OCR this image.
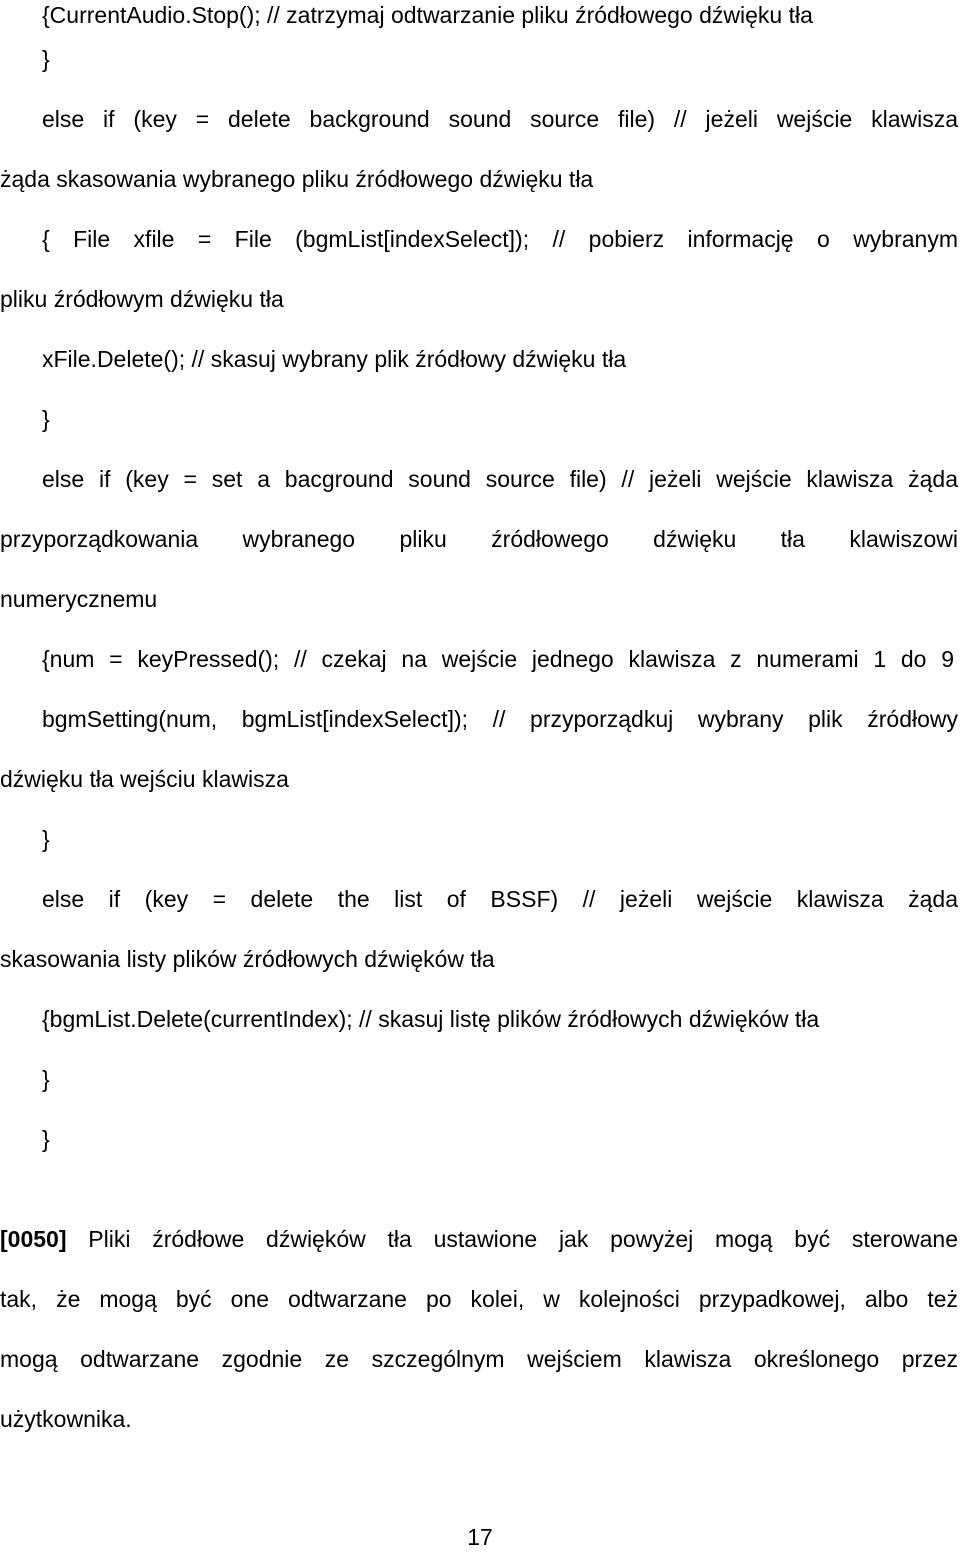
{CurrentAudio.Stop(); // zatrzymaj odtwarzanie pliku źródłowego dźwięku tła
}
else if (key = delete background sound source file) // jeżeli wejście klawisza
żąda skasowania wybranego pliku źródłowego dźwięku tła
{ File xfile = File (bgmList[indexSelect]); // pobierz informację o wybranym
pliku źródłowym dźwięku tła
xFile.Delete(); // skasuj wybrany plik źródłowy dźwięku tła
}
else if (key = set a bacground sound source file) // jeżeli wejście klawisza żąda
przyporządkowania wybranego pliku źródłowego dźwięku tła klawiszowi
numerycznemu
{num = keyPressed(); // czekaj na wejście jednego klawisza z numerami 1 do 9
bgmSetting(num, bgmList[indexSelect]); // przyporządkuj wybrany plik źródłowy
dźwięku tła wejściu klawisza
}
else if (key = delete the list of BSSF) // jeżeli wejście klawisza żąda
skasowania listy plików źródłowych dźwięków tła
{bgmList.Delete(currentIndex); // skasuj listę plików źródłowych dźwięków tła
}
}
[0050] Pliki źródłowe dźwięków tła ustawione jak powyżej mogą być sterowane
tak, że mogą być one odtwarzane po kolei, w kolejności przypadkowej, albo też
mogą odtwarzane zgodnie ze szczególnym wejściem klawisza określonego przez
użytkownika.
17
